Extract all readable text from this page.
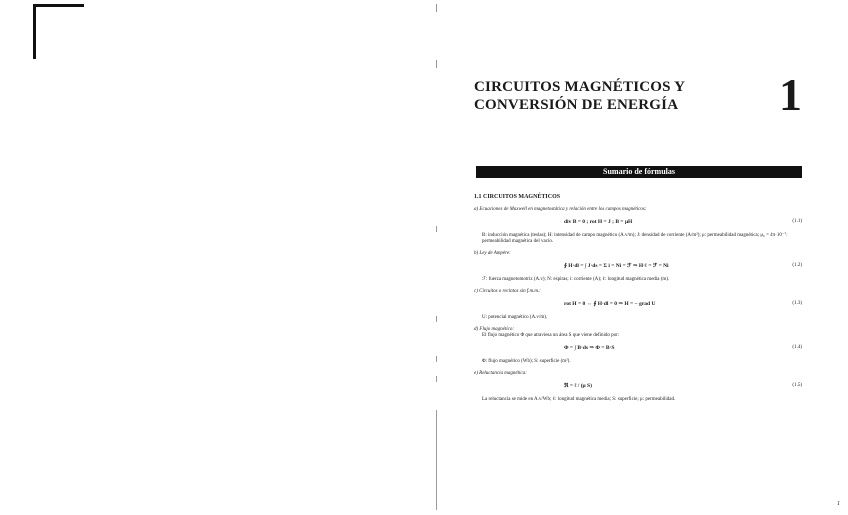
CIRCUITOS MAGNÉTICOS Y
CONVERSIÓN DE ENERGÍA	1
Sumario de fórmulas
1.1 CIRCUITOS MAGNÉTICOS
a) Ecuaciones de Maxwell en magnetostática y relación entre los campos magnéticos:
div B = 0 ; rot H = J ; B = μH	(1.1)
B: inducción magnética (teslas); H: intensidad de campo magnético (A.v/m); J: densidad de corriente (A/m²); μ: permeabilidad magnética; μ₀ = 4π·10⁻⁷: permeabilidad magnética del vacío.
b) Ley de Ampère:
∮ H·dl = ∫ J·ds = Σ i = Ni = ℱ ⇒ H·ℓ = ℱ = Ni	(1.2)
ℱ: fuerza magnetomotriz (A.v); N: espiras; i: corriente (A); ℓ: longitud magnética media (m).
c) Circuitos o recintos sin f.m.m.:
rot H = 0 ⇔ ∮ H·dl = 0 ⇒ H = − grad U	(1.3)
U: potencial magnético (A.v/m).
d) Flujo magnético:
El flujo magnético Φ que atraviesa un área S que viene definido por:
Φ = ∫ B·ds ⇒ Φ = B·S	(1.4)
Φ: flujo magnético (Wb); S: superficie (m²).
e) Reluctancia magnética:
ℜ = ℓ / (μ S)	(1.5)
La reluctancia se mide en A.v/Wb; ℓ: longitud magnética media; S: superficie; μ: permeabilidad.
1
